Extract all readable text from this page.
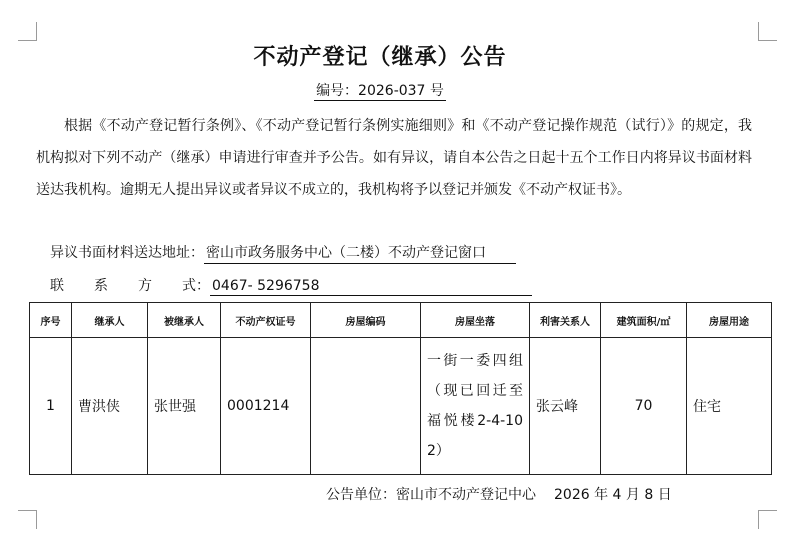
不动产登记（继承）公告
编号：2026-037 号
根据《不动产登记暂行条例》、《不动产登记暂行条例实施细则》和《不动产登记操作规范（试行）》的规定，我机构拟对下列不动产（继承）申请进行审查并予公告。如有异议，请自本公告之日起十五个工作日内将异议书面材料送达我机构。逾期无人提出异议或者异议不成立的，我机构将予以登记并颁发《不动产权证书》。
异议书面材料送达地址： 密山市政务服务中心（二楼）不动产登记窗口
联系方式： 0467- 5296758
序号	继承人	被继承人	不动产权证号	房屋编码	房屋坐落	利害关系人	建筑面积/㎡	房屋用途
1	曹洪侠	张世强	0001214		一街一委四组（现已回迁至福悦楼2-4-102）	张云峰	70	住宅
公告单位：密山市不动产登记中心 2026 年 4 月 8 日
